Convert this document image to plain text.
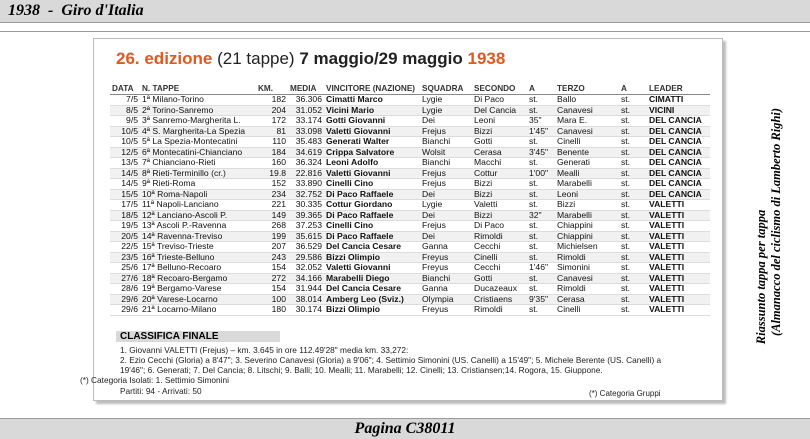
1938  -  Giro d'Italia
26. edizione (21 tappe) 7 maggio/29 maggio 1938
DATA	N. TAPPE	KM.	MEDIA	VINCITORE (NAZIONE)	SQUADRA	SECONDO	A	TERZO	A	LEADER
7/5	1ª Milano-Torino	182	36.306	Cimatti Marco	Lygie	Di Paco	st.	Ballo	st.	CIMATTI
8/5	2ª Torino-Sanremo	204	31.052	Vicini Mario	Lygie	Del Cancia	st.	Canavesi	st.	VICINI
9/5	3ª Sanremo-Margherita L.	172	33.174	Gotti Giovanni	Dei	Leoni	35"	Mara E.	st.	DEL CANCIA
10/5	4ª S. Margherita-La Spezia	81	33.098	Valetti Giovanni	Frejus	Bizzi	1'45"	Canavesi	st.	DEL CANCIA
10/5	5ª La Spezia-Montecatini	110	35.483	Generati Walter	Bianchi	Gotti	st.	Cinelli	st.	DEL CANCIA
12/5	6ª Montecatini-Chianciano	184	34.619	Crippa Salvatore	Wolsit	Cerasa	3'45"	Benente	st.	DEL CANCIA
13/5	7ª Chianciano-Rieti	160	36.324	Leoni Adolfo	Bianchi	Macchi	st.	Generati	st.	DEL CANCIA
14/5	8ª Rieti-Terminillo (cr.)	19.8	22.816	Valetti Giovanni	Frejus	Cottur	1'00"	Mealli	st.	DEL CANCIA
14/5	9ª Rieti-Roma	152	33.890	Cinelli Cino	Frejus	Bizzi	st.	Marabelli	st.	DEL CANCIA
15/5	10ª Roma-Napoli	234	32.752	Di Paco Raffaele	Dei	Bizzi	st.	Leoni	st.	DEL CANCIA
17/5	11ª Napoli-Lanciano	221	30.335	Cottur Giordano	Lygie	Valetti	st.	Bizzi	st.	VALETTI
18/5	12ª Lanciano-Ascoli P.	149	39.365	Di Paco Raffaele	Dei	Bizzi	32"	Marabelli	st.	VALETTI
19/5	13ª Ascoli P.-Ravenna	268	37.253	Cinelli Cino	Frejus	Di Paco	st.	Chiappini	st.	VALETTI
20/5	14ª Ravenna-Treviso	199	35.615	Di Paco Raffaele	Dei	Rimoldi	st.	Chiappini	st.	VALETTI
22/5	15ª Treviso-Trieste	207	36.529	Del Cancia Cesare	Ganna	Cecchi	st.	Michielsen	st.	VALETTI
23/5	16ª Trieste-Belluno	243	29.586	Bizzi Olimpio	Freyus	Cinelli	st.	Rimoldi	st.	VALETTI
25/6	17ª Belluno-Recoaro	154	32.052	Valetti Giovanni	Freyus	Cecchi	1'46"	Simonini	st.	VALETTI
27/6	18ª Recoaro-Bergamo	272	34.166	Marabelli Diego	Bianchi	Gotti	st.	Canavesi	st.	VALETTI
28/6	19ª Bergamo-Varese	154	31.944	Del Cancia Cesare	Ganna	Ducazeaux	st.	Rimoldi	st.	VALETTI
29/6	20ª Varese-Locarno	100	38.014	Amberg Leo (Sviz.)	Olympia	Cristiaens	9'35"	Cerasa	st.	VALETTI
29/6	21ª Locarno-Milano	180	30.174	Bizzi Olimpio	Freyus	Rimoldi	st.	Cinelli	st.	VALETTI
CLASSIFICA FINALE
1. Giovanni VALETTI (Frejus) – km. 3.645 in ore 112.49'28" media km. 33,272:
2. Ezio Cecchi (Gloria) a 8'47"; 3. Severino Canavesi (Gloria) a 9'06"; 4. Settimio Simonini (US. Canelli) a 15'49"; 5. Michele Berente (US. Canelli) a
19'46"; 6. Generati; 7. Del Cancia; 8. Litschi; 9. Balli; 10. Mealli; 11. Marabelli; 12. Cinelli; 13. Cristiansen;14. Rogora, 15. Giuppone.
(*) Categoria Isolati: 1. Settimio Simonini
Partiti: 94 - Arrivati: 50	(*) Categoria Gruppi
Riassunto tappa per tappa (Almanacco del ciclismo di Lamberto Righi)
Pagina C38011
